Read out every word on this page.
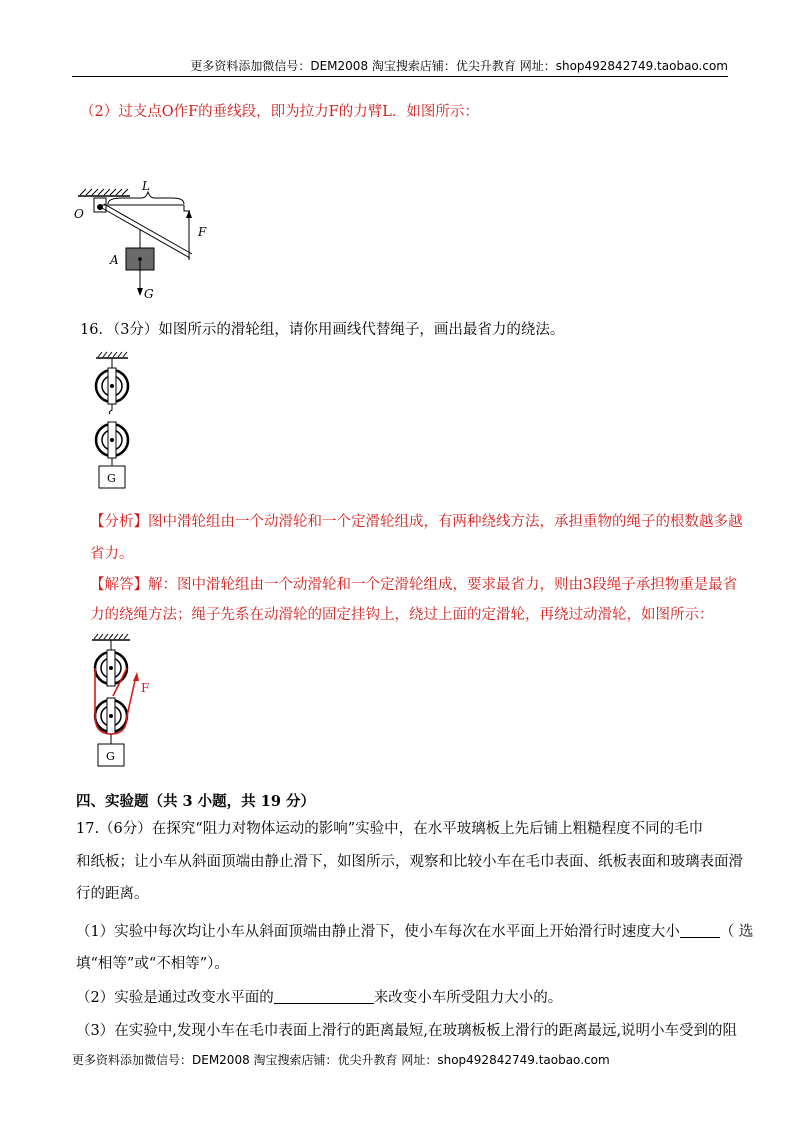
更多资料添加微信号：DEM2008 淘宝搜索店铺：优尖升教育 网址：shop492842749.taobao.com
（2）过支点O作F的垂线段，即为拉力F的力臂L．如图所示：
O
L
F
A
G
16．（3分）如图所示的滑轮组，请你用画线代替绳子，画出最省力的绕法。
G
【分析】图中滑轮组由一个动滑轮和一个定滑轮组成，有两种绕线方法，承担重物的绳子的根数越多越
省力。
【解答】解：图中滑轮组由一个动滑轮和一个定滑轮组成，要求最省力，则由3段绳子承担物重是最省
力的绕绳方法；绳子先系在动滑轮的固定挂钩上，绕过上面的定滑轮，再绕过动滑轮，如图所示：
F
G
四、实验题（共 3 小题，共 19 分）
17.（6分）在探究“阻力对物体运动的影响”实验中，在水平玻璃板上先后铺上粗糙程度不同的毛巾
和纸板；让小车从斜面顶端由静止滑下，如图所示，观察和比较小车在毛巾表面、纸板表面和玻璃表面滑
行的距离。
（1）实验中每次均让小车从斜面顶端由静止滑下，使小车每次在水平面上开始滑行时速度大小	（ 选
填“相等”或“不相等”）。
（2）实验是通过改变水平面的	来改变小车所受阻力大小的。
（3）在实验中,发现小车在毛巾表面上滑行的距离最短,在玻璃板板上滑行的距离最远,说明小车受到的阻
更多资料添加微信号：DEM2008 淘宝搜索店铺：优尖升教育 网址：shop492842749.taobao.com
